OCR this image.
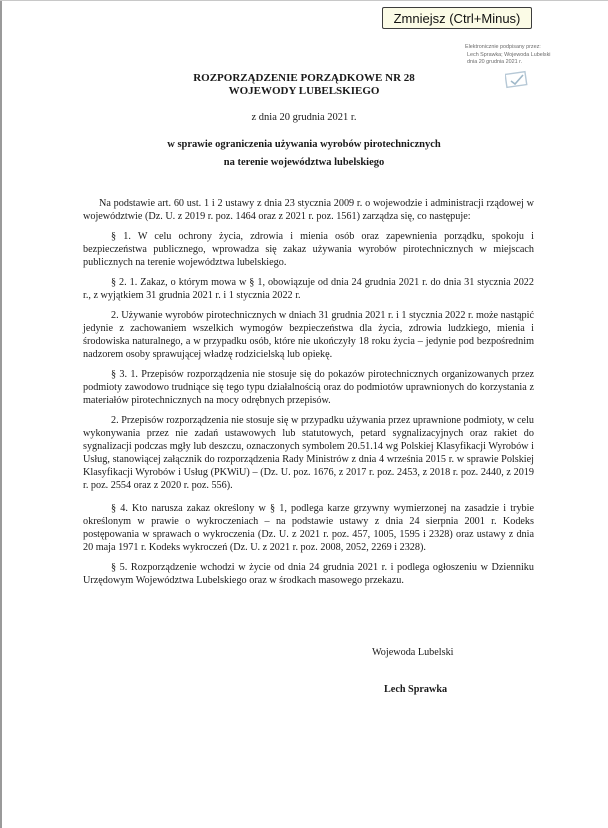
Zmniejsz (Ctrl+Minus)
Elektronicznie podpisany przez:
Lech Sprawka; Wojewoda Lubelski
dnia 20 grudnia 2021 r.
ROZPORZĄDZENIE PORZĄDKOWE NR 28
WOJEWODY LUBELSKIEGO
z dnia 20 grudnia 2021 r.
w sprawie ograniczenia używania wyrobów pirotechnicznych
na terenie województwa lubelskiego

Na podstawie art. 60 ust. 1 i 2 ustawy z dnia 23 stycznia 2009 r. o wojewodzie i administracji rządowej w województwie (Dz. U. z 2019 r. poz. 1464 oraz z 2021 r. poz. 1561) zarządza się, co następuje:

§ 1. W celu ochrony życia, zdrowia i mienia osób oraz zapewnienia porządku, spokoju i bezpieczeństwa publicznego, wprowadza się zakaz używania wyrobów pirotechnicznych w miejscach publicznych na terenie województwa lubelskiego.

§ 2. 1. Zakaz, o którym mowa w § 1, obowiązuje od dnia 24 grudnia 2021 r. do dnia 31 stycznia 2022 r., z wyjątkiem 31 grudnia 2021 r. i 1 stycznia 2022 r.

2. Używanie wyrobów pirotechnicznych w dniach 31 grudnia 2021 r. i 1 stycznia 2022 r. może nastąpić jedynie z zachowaniem wszelkich wymogów bezpieczeństwa dla życia, zdrowia ludzkiego, mienia i środowiska naturalnego, a w przypadku osób, które nie ukończyły 18 roku życia – jedynie pod bezpośrednim nadzorem osoby sprawującej władzę rodzicielską lub opiekę.

§ 3. 1. Przepisów rozporządzenia nie stosuje się do pokazów pirotechnicznych organizowanych przez podmioty zawodowo trudniące się tego typu działalnością oraz do podmiotów uprawnionych do korzystania z materiałów pirotechnicznych na mocy odrębnych przepisów.

2. Przepisów rozporządzenia nie stosuje się w przypadku używania przez uprawnione podmioty, w celu wykonywania przez nie zadań ustawowych lub statutowych, petard sygnalizacyjnych oraz rakiet do sygnalizacji podczas mgły lub deszczu, oznaczonych symbolem 20.51.14 wg Polskiej Klasyfikacji Wyrobów i Usług, stanowiącej załącznik do rozporządzenia Rady Ministrów z dnia 4 września 2015 r. w sprawie Polskiej Klasyfikacji Wyrobów i Usług (PKWiU) – (Dz. U. poz. 1676, z 2017 r. poz. 2453, z 2018 r. poz. 2440, z 2019 r. poz. 2554 oraz z 2020 r. poz. 556).

§ 4. Kto narusza zakaz określony w § 1, podlega karze grzywny wymierzonej na zasadzie i trybie określonym w prawie o wykroczeniach – na podstawie ustawy z dnia 24 sierpnia 2001 r. Kodeks postępowania w sprawach o wykroczenia (Dz. U. z 2021 r. poz. 457, 1005, 1595 i 2328) oraz ustawy z dnia 20 maja 1971 r. Kodeks wykroczeń (Dz. U. z 2021 r. poz. 2008, 2052, 2269 i 2328).

§ 5. Rozporządzenie wchodzi w życie od dnia 24 grudnia 2021 r. i podlega ogłoszeniu w Dzienniku Urzędowym Województwa Lubelskiego oraz w środkach masowego przekazu.

Wojewoda Lubelski
Lech Sprawka
